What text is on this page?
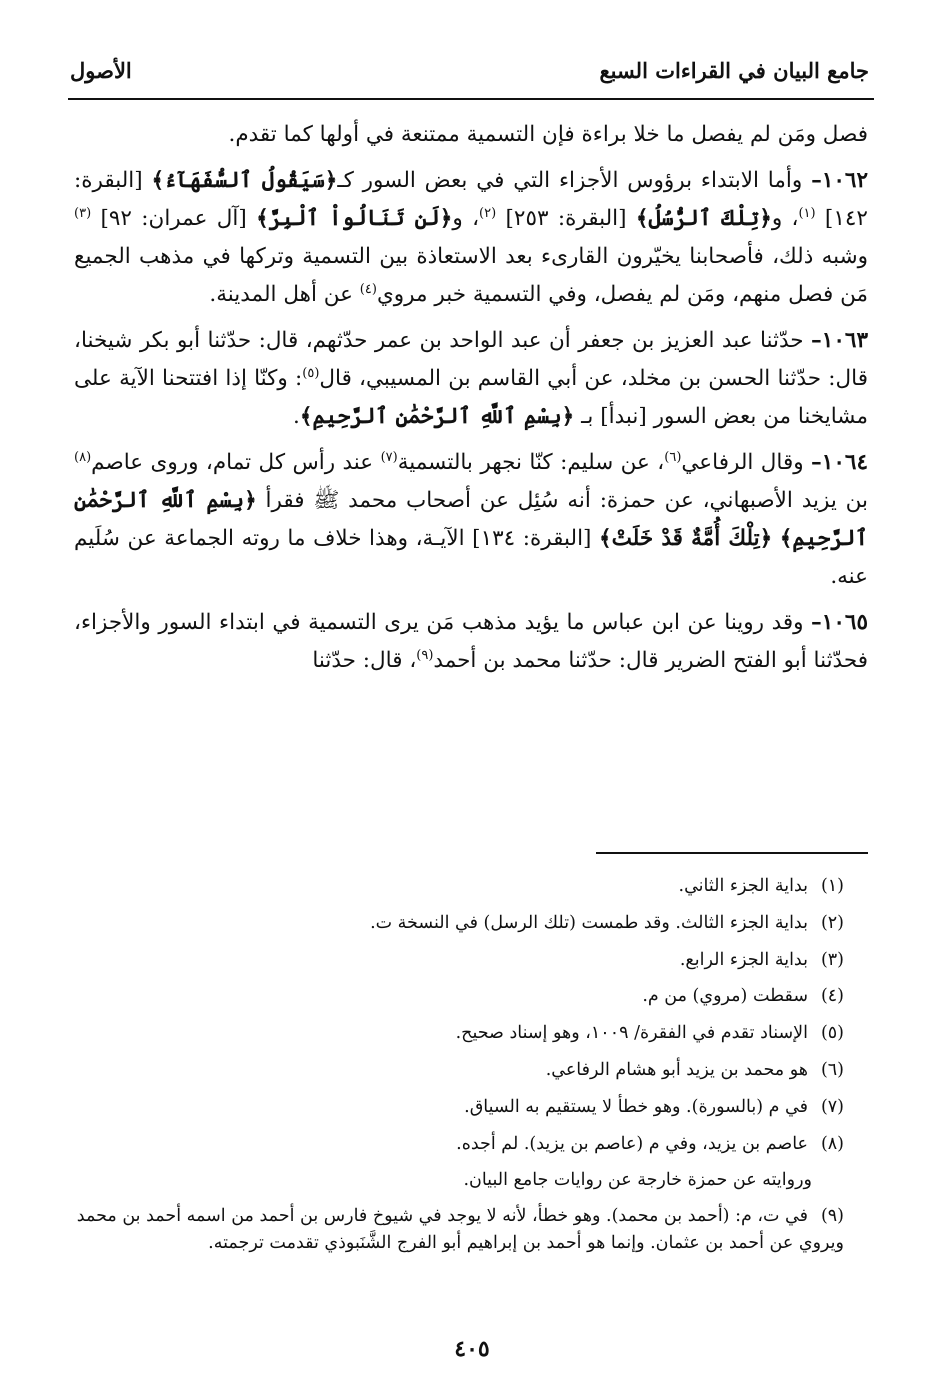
جامع البيان في القراءات السبع
الأصول

فصل ومَن لم يفصل ما خلا براءة فإن التسمية ممتنعة في أولها كما تقدم.

١٠٦٢– وأما الابتداء برؤوس الأجزاء التي في بعض السور كـ﴿سَيَقُولُ ٱلسُّفَهَآءُ﴾ [البقرة: ١٤٢] $^{(١)}$، و﴿تِلْكَ ٱلرُّسُلُ﴾ [البقرة: ٢٥٣] $^{(٢)}$، و﴿لَن تَنَالُواْ ٱلْبِرَّ﴾ [آل عمران: ٩٢] $^{(٣)}$ وشبه ذلك، فأصحابنا يخيّرون القارىء بعد الاستعاذة بين التسمية وتركها في مذهب الجميع مَن فصل منهم، ومَن لم يفصل، وفي التسمية خبر مروي$^{(٤)}$ عن أهل المدينة.

١٠٦٣– حدّثنا عبد العزيز بن جعفر أن عبد الواحد بن عمر حدّثهم، قال: حدّثنا أبو بكر شيخنا، قال: حدّثنا الحسن بن مخلد، عن أبي القاسم بن المسيبي، قال$^{(٥)}$: وكنّا إذا افتتحنا الآية على مشايخنا من بعض السور [نبدأ] بـ ﴿بِسْمِ ٱللَّهِ ٱلرَّحْمَٰنِ ٱلرَّحِيمِ﴾.

١٠٦٤– وقال الرفاعي$^{(٦)}$، عن سليم: كنّا نجهر بالتسمية$^{(٧)}$ عند رأس كل تمام، وروى عاصم$^{(٨)}$ بن يزيد الأصبهاني، عن حمزة: أنه سُئِل عن أصحاب محمد ﷺ فقرأ ﴿بِسْمِ ٱللَّهِ ٱلرَّحْمَٰنِ ٱلرَّحِيمِ﴾ ﴿تِلْكَ أُمَّةٌ قَدْ خَلَتْ﴾ [البقرة: ١٣٤] الآيـة، وهذا خلاف ما روته الجماعة عن سُلَيم عنه.

١٠٦٥– وقد روينا عن ابن عباس ما يؤيد مذهب مَن يرى التسمية في ابتداء السور والأجزاء، فحدّثنا أبو الفتح الضرير قال: حدّثنا محمد بن أحمد$^{(٩)}$، قال: حدّثنا

(١)بداية الجزء الثاني.

(٢)بداية الجزء الثالث. وقد طمست (تلك الرسل) في النسخة ت.

(٣)بداية الجزء الرابع.

(٤)سقطت (مروي) من م.

(٥)الإسناد تقدم في الفقرة/ ١٠٠٩، وهو إسناد صحيح.

(٦)هو محمد بن يزيد أبو هشام الرفاعي.

(٧)في م (بالسورة). وهو خطأ لا يستقيم به السياق.

(٨)عاصم بن يزيد، وفي م (عاصم بن يزيد). لم أجده.

وروايته عن حمزة خارجة عن روايات جامع البيان.

(٩)في ت، م: (أحمد بن محمد). وهو خطأ، لأنه لا يوجد في شيوخ فارس بن أحمد من اسمه أحمد بن محمد ويروي عن أحمد بن عثمان. وإنما هو أحمد بن إبراهيم أبو الفرج الشَّنَبوذي تقدمت ترجمته.

٤٠٥
